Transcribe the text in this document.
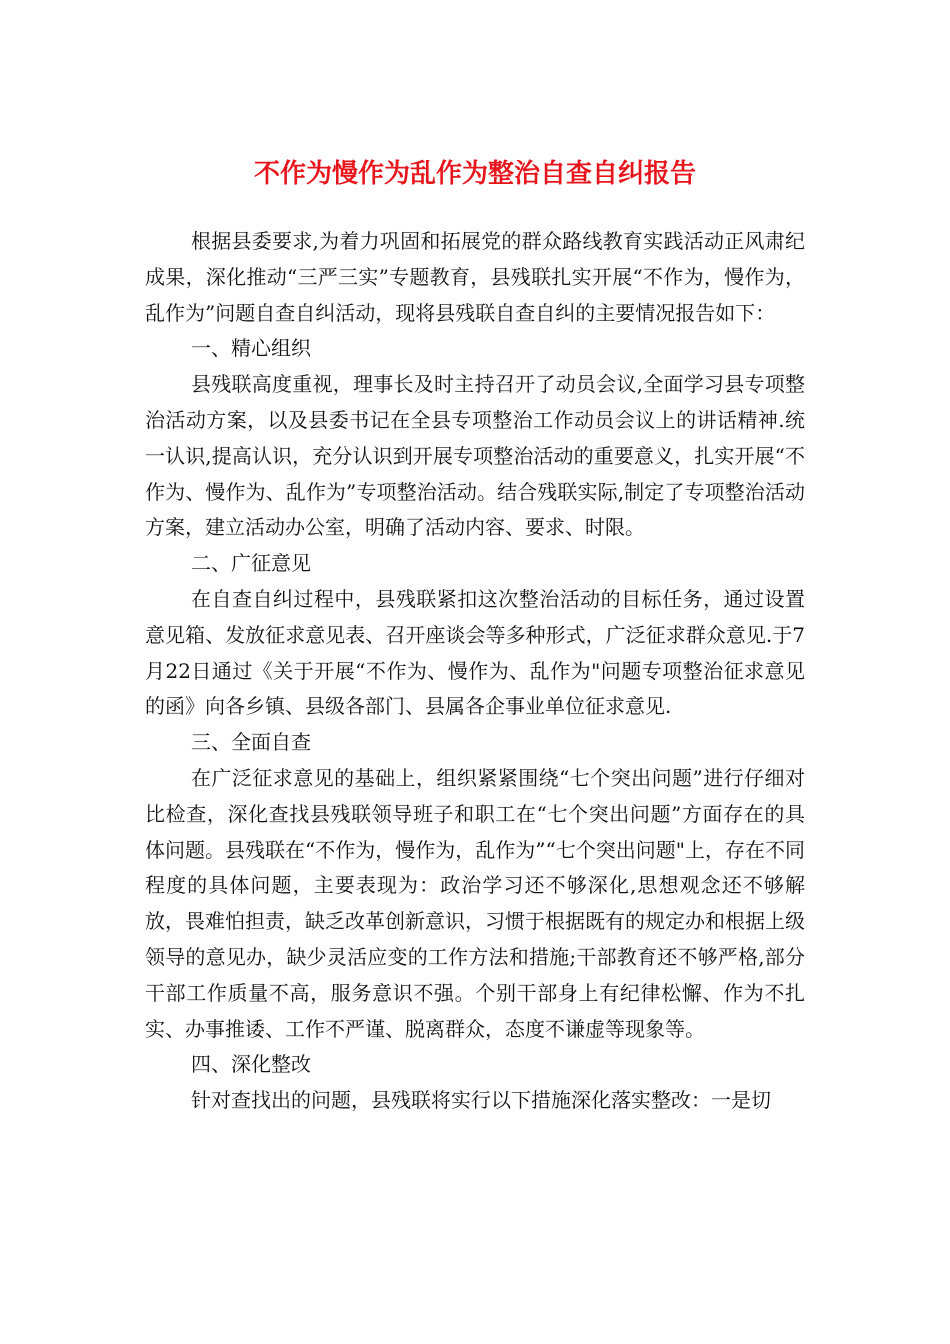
不作为慢作为乱作为整治自查自纠报告

根据县委要求,为着力巩固和拓展党的群众路线教育实践活动正风肃纪成果，深化推动“三严三实”专题教育，县残联扎实开展“不作为，慢作为，乱作为”问题自查自纠活动，现将县残联自查自纠的主要情况报告如下：

一、精心组织

县残联高度重视，理事长及时主持召开了动员会议,全面学习县专项整治活动方案，以及县委书记在全县专项整治工作动员会议上的讲话精神.统一认识,提高认识，充分认识到开展专项整治活动的重要意义，扎实开展“不作为、慢作为、乱作为”专项整治活动。结合残联实际,制定了专项整治活动方案，建立活动办公室，明确了活动内容、要求、时限。

二、广征意见

在自查自纠过程中，县残联紧扣这次整治活动的目标任务，通过设置意见箱、发放征求意见表、召开座谈会等多种形式，广泛征求群众意见.于7月22日通过《关于开展“不作为、慢作为、乱作为"问题专项整治征求意见的函》向各乡镇、县级各部门、县属各企事业单位征求意见.

三、全面自查

在广泛征求意见的基础上，组织紧紧围绕“七个突出问题”进行仔细对比检查，深化查找县残联领导班子和职工在“七个突出问题”方面存在的具体问题。县残联在“不作为，慢作为，乱作为”“七个突出问题"上，存在不同程度的具体问题，主要表现为：政治学习还不够深化,思想观念还不够解放，畏难怕担责，缺乏改革创新意识，习惯于根据既有的规定办和根据上级领导的意见办，缺少灵活应变的工作方法和措施;干部教育还不够严格,部分干部工作质量不高，服务意识不强。个别干部身上有纪律松懈、作为不扎实、办事推诿、工作不严谨、脱离群众，态度不谦虚等现象等。

四、深化整改

针对查找出的问题，县残联将实行以下措施深化落实整改：一是切
